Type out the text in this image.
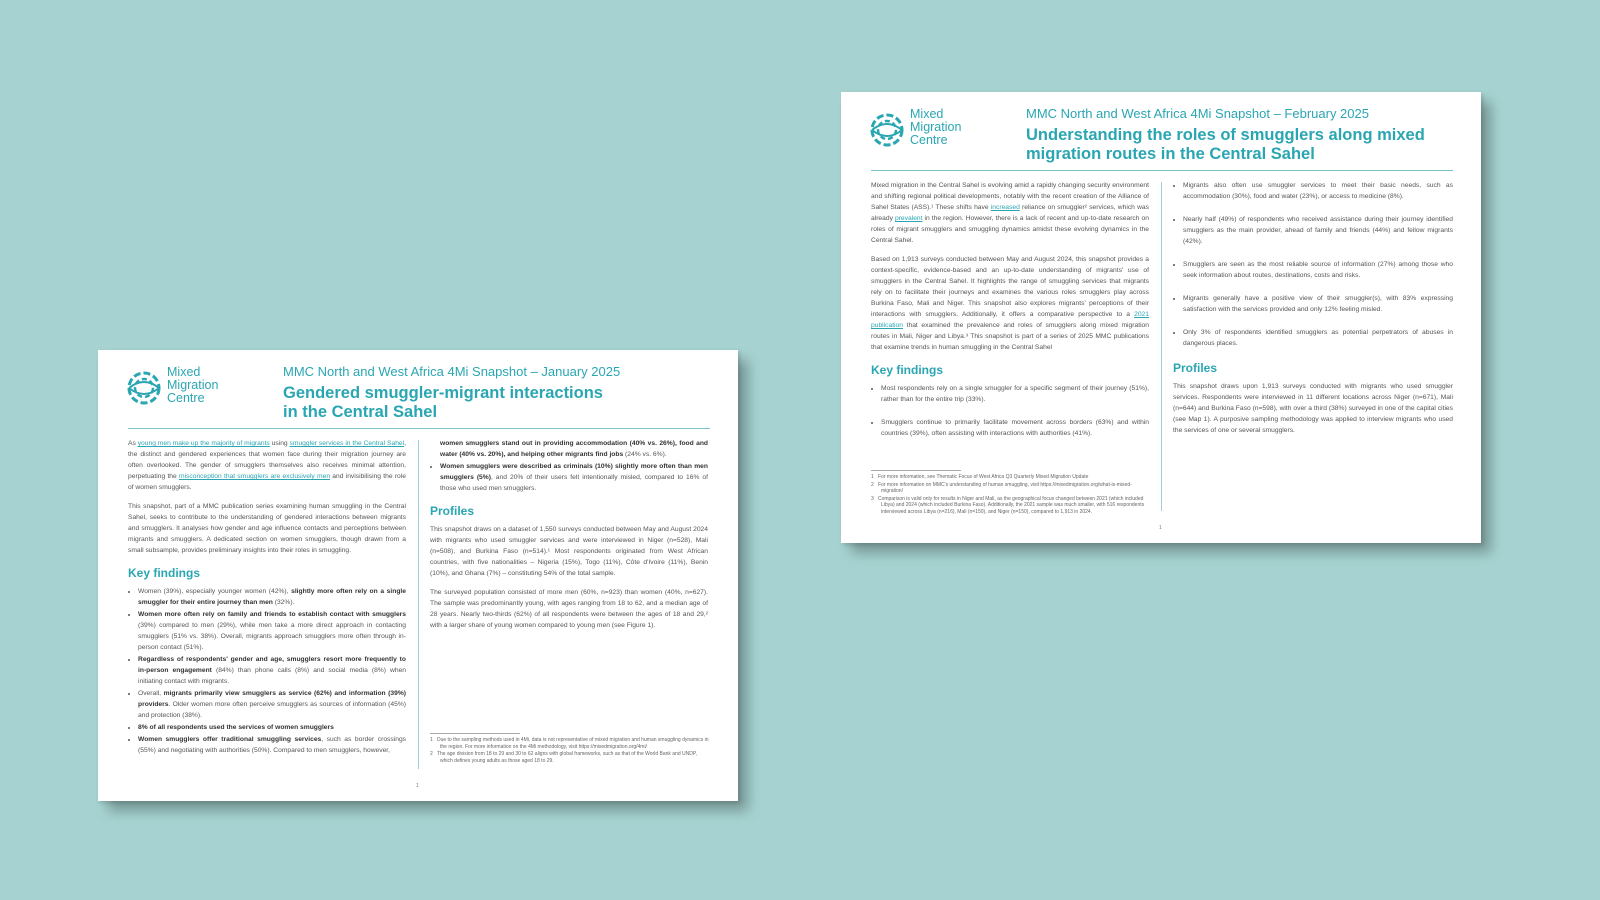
Mixed
Migration
Centre
MMC North and West Africa 4Mi Snapshot – January 2025
Gendered smuggler-migrant interactions in the Central Sahel

As young men make up the majority of migrants using smuggler services in the Central Sahel, the distinct and gendered experiences that women face during their migration journey are often overlooked. The gender of smugglers themselves also receives minimal attention, perpetuating the misconception that smugglers are exclusively men and invisibilising the role of women smugglers.

This snapshot, part of a MMC publication series examining human smuggling in the Central Sahel, seeks to contribute to the understanding of gendered interactions between migrants and smugglers. It analyses how gender and age influence contacts and perceptions between migrants and smugglers. A dedicated section on women smugglers, though drawn from a small subsample, provides preliminary insights into their roles in smuggling.

Key findings
• Women (39%), especially younger women (42%), slightly more often rely on a single smuggler for their entire journey than men (32%).
• Women more often rely on family and friends to establish contact with smugglers (39%) compared to men (29%), while men take a more direct approach in contacting smugglers (51% vs. 38%). Overall, migrants approach smugglers more often through in-person contact (51%).
• Regardless of respondents' gender and age, smugglers resort more frequently to in-person engagement (84%) than phone calls (8%) and social media (8%) when initiating contact with migrants.
• Overall, migrants primarily view smugglers as service (62%) and information (39%) providers. Older women more often perceive smugglers as sources of information (45%) and protection (38%).
• 8% of all respondents used the services of women smugglers
• Women smugglers offer traditional smuggling services, such as border crossings (55%) and negotiating with authorities (50%). Compared to men smugglers, however,
women smugglers stand out in providing accommodation (40% vs. 26%), food and water (40% vs. 20%), and helping other migrants find jobs (24% vs. 6%).
• Women smugglers were described as criminals (10%) slightly more often than men smugglers (5%), and 20% of their users felt intentionally misled, compared to 16% of those who used men smugglers.
Profiles

This snapshot draws on a dataset of 1,550 surveys conducted between May and August 2024 with migrants who used smuggler services and were interviewed in Niger (n=528), Mali (n=508), and Burkina Faso (n=514).¹ Most respondents originated from West African countries, with five nationalities – Nigeria (15%), Togo (11%), Côte d'Ivoire (11%), Benin (10%), and Ghana (7%) – constituting 54% of the total sample.

The surveyed population consisted of more men (60%, n=923) than women (40%, n=627). The sample was predominantly young, with ages ranging from 18 to 62, and a median age of 28 years. Nearly two-thirds (62%) of all respondents were between the ages of 18 and 29,² with a larger share of young women compared to young men (see Figure 1).

1 Due to the sampling methods used in 4Mi, data is not representative of mixed migration and human smuggling dynamics in the region. For more information on the 4Mi methodology, visit https://mixedmigration.org/4mi/
2 The age division from 18 to 29 and 30 to 62 aligns with global frameworks, such as that of the World Bank and UNDP, which defines young adults as those aged 18 to 29.
1
Mixed
Migration
Centre
MMC North and West Africa 4Mi Snapshot – February 2025
Understanding the roles of smugglers along mixed migration routes in the Central Sahel

Mixed migration in the Central Sahel is evolving amid a rapidly changing security environment and shifting regional political developments, notably with the recent creation of the Alliance of Sahel States (ASS).¹ These shifts have increased reliance on smuggler² services, which was already prevalent in the region. However, there is a lack of recent and up-to-date research on roles of migrant smugglers and smuggling dynamics amidst these evolving dynamics in the Central Sahel.

Based on 1,913 surveys conducted between May and August 2024, this snapshot provides a context-specific, evidence-based and an up-to-date understanding of migrants' use of smugglers in the Central Sahel. It highlights the range of smuggling services that migrants rely on to facilitate their journeys and examines the various roles smugglers play across Burkina Faso, Mali and Niger. This snapshot also explores migrants' perceptions of their interactions with smugglers. Additionally, it offers a comparative perspective to a 2021 publication that examined the prevalence and roles of smugglers along mixed migration routes in Mali, Niger and Libya.³ This snapshot is part of a series of 2025 MMC publications that examine trends in human smuggling in the Central Sahel

Key findings
• Most respondents rely on a single smuggler for a specific segment of their journey (51%), rather than for the entire trip (33%).
• Smugglers continue to primarily facilitate movement across borders (63%) and within countries (39%), often assisting with interactions with authorities (41%).
• Migrants also often use smuggler services to meet their basic needs, such as accommodation (30%), food and water (23%), or access to medicine (8%).
• Nearly half (49%) of respondents who received assistance during their journey identified smugglers as the main provider, ahead of family and friends (44%) and fellow migrants (42%).
• Smugglers are seen as the most reliable source of information (27%) among those who seek information about routes, destinations, costs and risks.
• Migrants generally have a positive view of their smuggler(s), with 83% expressing satisfaction with the services provided and only 12% feeling misled.
• Only 3% of respondents identified smugglers as potential perpetrators of abuses in dangerous places.
Profiles

This snapshot draws upon 1,913 surveys conducted with migrants who used smuggler services. Respondents were interviewed in 11 different locations across Niger (n=671), Mali (n=644) and Burkina Faso (n=598), with over a third (38%) surveyed in one of the capital cities (see Map 1). A purposive sampling methodology was applied to interview migrants who used the services of one or several smugglers.

1 For more information, see Thematic Focus of West Africa Q3 Quarterly Mixed Migration Update
2 For more information on MMC's understanding of human smuggling, visit https://mixedmigration.org/what-is-mixed-migration/
3 Comparison is valid only for results in Niger and Mali, as the geographical focus changed between 2021 (which included Libya) and 2024 (which included Burkina Faso). Additionally, the 2021 sample was much smaller, with 516 respondents interviewed across Libya (n=216), Mali (n=150), and Niger (n=150), compared to 1,913 in 2024.
1
